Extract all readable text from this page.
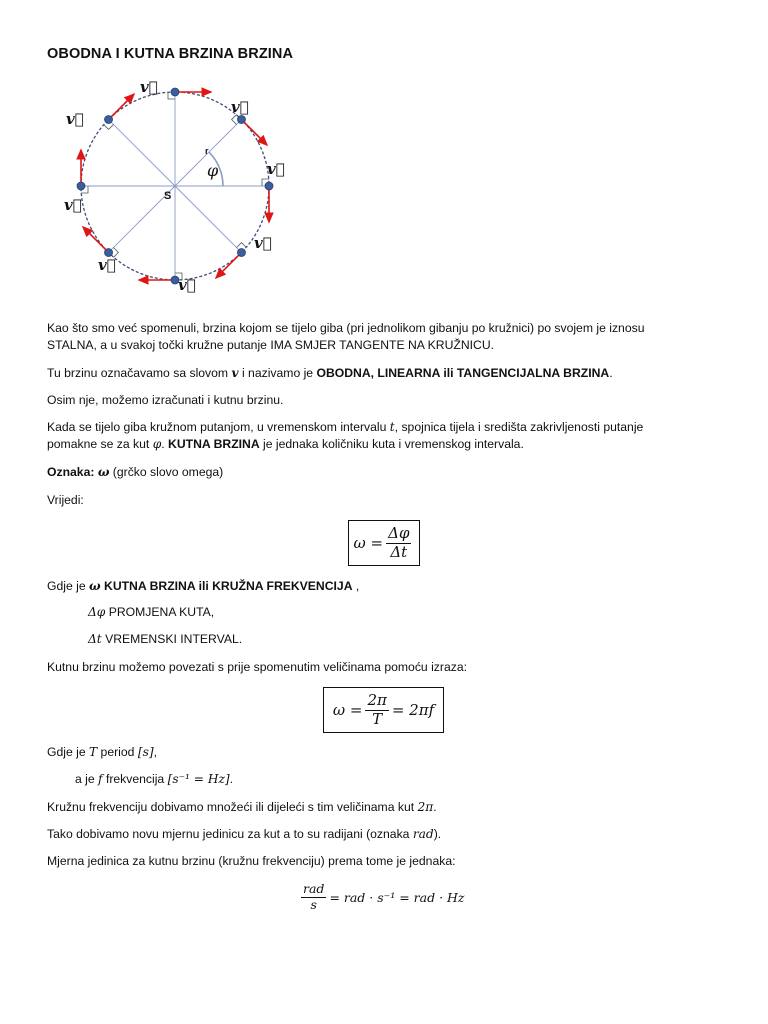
OBODNA I KUTNA BRZINA BRZINA
v⃗
v⃗
v⃗
v⃗
v⃗
v⃗
v⃗
v⃗
r
φ
S
Kao što smo već spomenuli, brzina kojom se tijelo giba (pri jednolikom gibanju po kružnici) po svojem je iznosu
STALNA, a u svakoj točki kružne putanje IMA SMJER TANGENTE NA KRUŽNICU.
Tu brzinu označavamo sa slovom v i nazivamo je OBODNA, LINEARNA ili TANGENCIJALNA BRZINA.
Osim nje, možemo izračunati i kutnu brzinu.
Kada se tijelo giba kružnom putanjom, u vremenskom intervalu t, spojnica tijela i središta zakrivljenosti putanje
pomakne se za kut φ. KUTNA BRZINA je jednaka količniku kuta i vremenskog intervala.
Oznaka: ω (grčko slovo omega)
Vrijedi:
$\omega = \frac{\Delta\varphi}{\Delta t}$
Gdje je ω KUTNA BRZINA ili KRUŽNA FREKVENCIJA ,
Δφ PROMJENA KUTA,
Δt VREMENSKI INTERVAL.
Kutnu brzinu možemo povezati s prije spomenutim veličinama pomoću izraza:
$\omega = \frac{2\pi}{T} = 2\pi f$
Gdje je T period [s],
a je f frekvencija [s⁻¹ = Hz].
Kružnu frekvenciju dobivamo množeći ili dijeleći s tim veličinama kut 2π.
Tako dobivamo novu mjernu jedinicu za kut a to su radijani (oznaka rad).
Mjerna jedinica za kutnu brzinu (kružnu frekvenciju) prema tome je jednaka:
$\frac{\text{rad}}{s}$ = rad · s⁻¹ = rad · Hz
